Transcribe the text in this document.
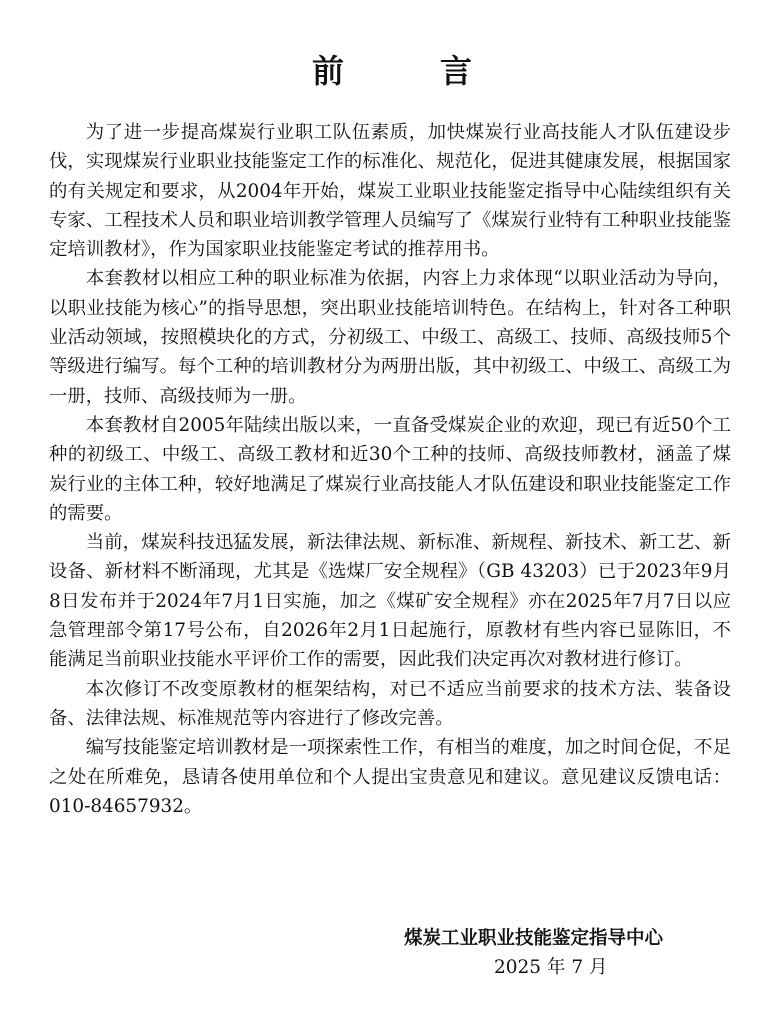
前	言

为了进一步提高煤炭行业职工队伍素质，加快煤炭行业高技能人才队伍建设步伐，实现煤炭行业职业技能鉴定工作的标准化、规范化，促进其健康发展，根据国家的有关规定和要求，从2004年开始，煤炭工业职业技能鉴定指导中心陆续组织有关专家、工程技术人员和职业培训教学管理人员编写了《煤炭行业特有工种职业技能鉴定培训教材》，作为国家职业技能鉴定考试的推荐用书。

本套教材以相应工种的职业标准为依据，内容上力求体现“以职业活动为导向，以职业技能为核心”的指导思想，突出职业技能培训特色。在结构上，针对各工种职业活动领域，按照模块化的方式，分初级工、中级工、高级工、技师、高级技师5个等级进行编写。每个工种的培训教材分为两册出版，其中初级工、中级工、高级工为一册，技师、高级技师为一册。

本套教材自2005年陆续出版以来，一直备受煤炭企业的欢迎，现已有近50个工种的初级工、中级工、高级工教材和近30个工种的技师、高级技师教材，涵盖了煤炭行业的主体工种，较好地满足了煤炭行业高技能人才队伍建设和职业技能鉴定工作的需要。

当前，煤炭科技迅猛发展，新法律法规、新标准、新规程、新技术、新工艺、新设备、新材料不断涌现，尤其是《选煤厂安全规程》（GB 43203）已于2023年9月8日发布并于2024年7月1日实施，加之《煤矿安全规程》亦在2025年7月7日以应急管理部令第17号公布，自2026年2月1日起施行，原教材有些内容已显陈旧，不能满足当前职业技能水平评价工作的需要，因此我们决定再次对教材进行修订。

本次修订不改变原教材的框架结构，对已不适应当前要求的技术方法、装备设备、法律法规、标准规范等内容进行了修改完善。

编写技能鉴定培训教材是一项探索性工作，有相当的难度，加之时间仓促，不足之处在所难免，恳请各使用单位和个人提出宝贵意见和建议。意见建议反馈电话：010-84657932。

煤炭工业职业技能鉴定指导中心
2025 年 7 月
